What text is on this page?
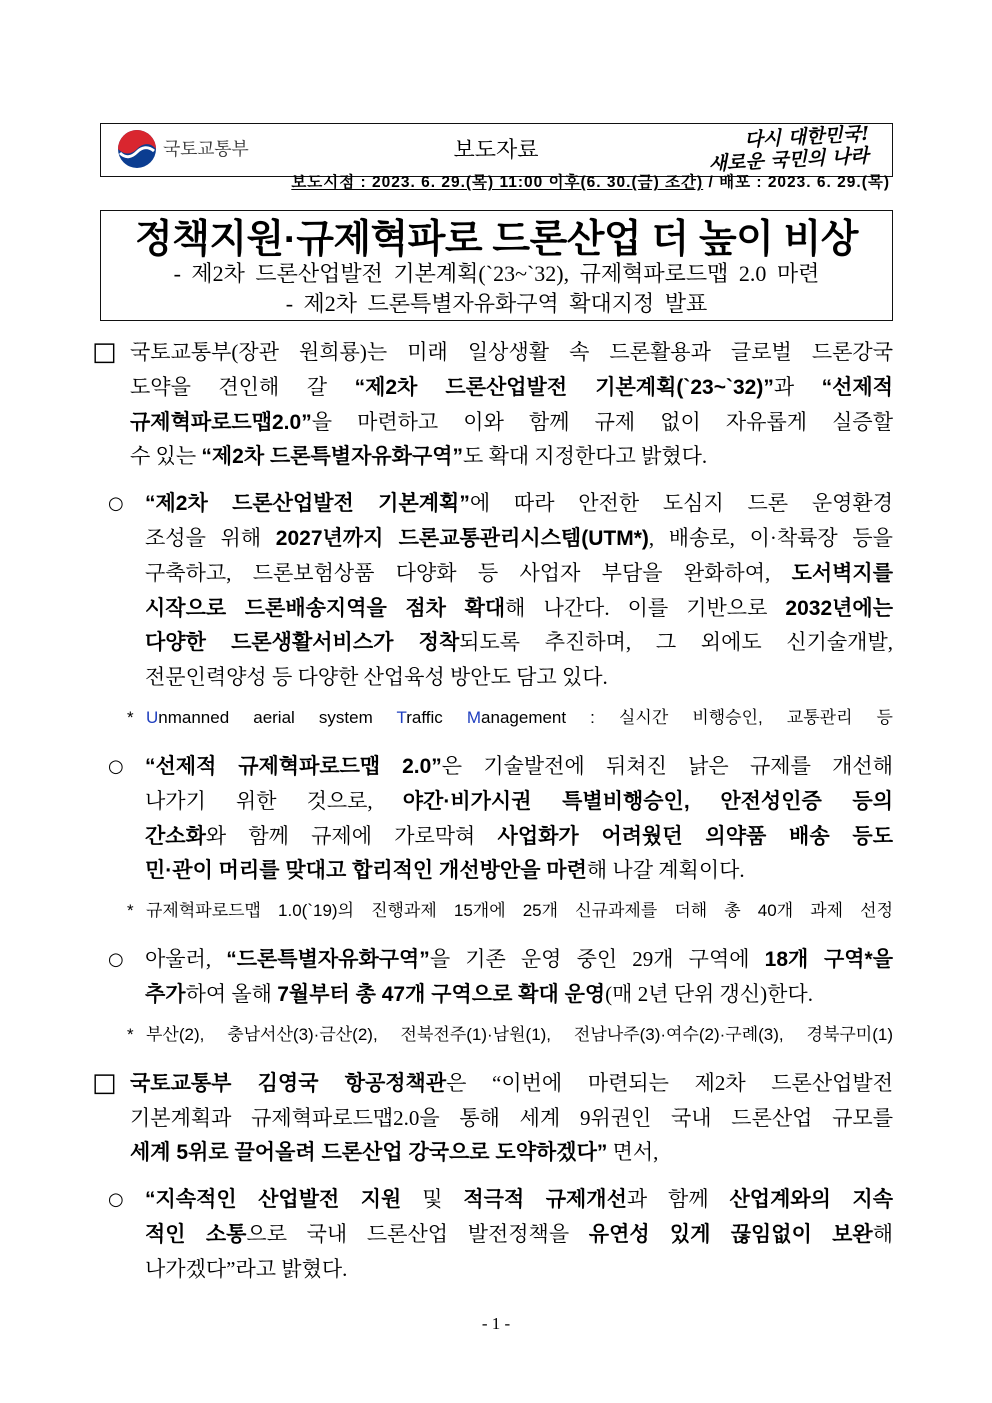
국토교통부	보도자료	다시 대한민국!
새로운 국민의 나라
보도시점 : 2023. 6. 29.(목) 11:00 이후(6. 30.(금) 조간) / 배포 : 2023. 6. 29.(목)
정책지원·규제혁파로 드론산업 더 높이 비상
- 제2차 드론산업발전 기본계획(`23~`32), 규제혁파로드맵 2.0 마련
- 제2차 드론특별자유화구역 확대지정 발표
□ 국토교통부(장관 원희룡)는 미래 일상생활 속 드론활용과 글로벌 드론강국
도약을 견인해 갈 “제2차 드론산업발전 기본계획(`23~`32)”과 “선제적
규제혁파로드맵2.0”을 마련하고 이와 함께 규제 없이 자유롭게 실증할
수 있는 “제2차 드론특별자유화구역”도 확대 지정한다고 밝혔다.
○ “제2차 드론산업발전 기본계획”에 따라 안전한 도심지 드론 운영환경
조성을 위해 2027년까지 드론교통관리시스템(UTM*), 배송로, 이·착륙장 등을
구축하고, 드론보험상품 다양화 등 사업자 부담을 완화하여, 도서벽지를
시작으로 드론배송지역을 점차 확대해 나간다. 이를 기반으로 2032년에는
다양한 드론생활서비스가 정착되도록 추진하며, 그 외에도 신기술개발,
전문인력양성 등 다양한 산업육성 방안도 담고 있다.
* Unmanned aerial system Traffic Management : 실시간 비행승인, 교통관리 등
○ “선제적 규제혁파로드맵 2.0”은 기술발전에 뒤쳐진 낡은 규제를 개선해
나가기 위한 것으로, 야간·비가시권 특별비행승인, 안전성인증 등의
간소화와 함께 규제에 가로막혀 사업화가 어려웠던 의약품 배송 등도
민·관이 머리를 맞대고 합리적인 개선방안을 마련해 나갈 계획이다.
* 규제혁파로드맵 1.0(`19)의 진행과제 15개에 25개 신규과제를 더해 총 40개 과제 선정
○ 아울러, “드론특별자유화구역”을 기존 운영 중인 29개 구역에 18개 구역*을
추가하여 올해 7월부터 총 47개 구역으로 확대 운영(매 2년 단위 갱신)한다.
* 부산(2), 충남서산(3)·금산(2), 전북전주(1)·남원(1), 전남나주(3)·여수(2)·구례(3), 경북구미(1)
□ 국토교통부 김영국 항공정책관은 “이번에 마련되는 제2차 드론산업발전
기본계획과 규제혁파로드맵2.0을 통해 세계 9위권인 국내 드론산업 규모를
세계 5위로 끌어올려 드론산업 강국으로 도약하겠다” 면서,
○ “지속적인 산업발전 지원 및 적극적 규제개선과 함께 산업계와의 지속
적인 소통으로 국내 드론산업 발전정책을 유연성 있게 끊임없이 보완해
나가겠다”라고 밝혔다.
- 1 -
